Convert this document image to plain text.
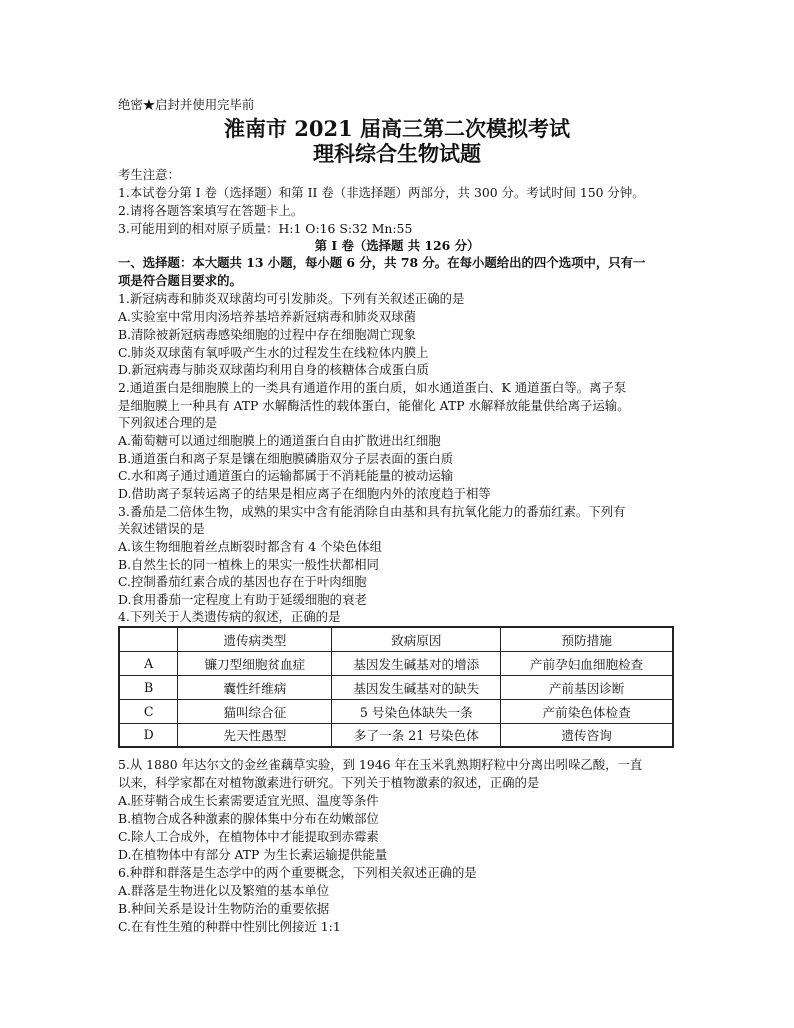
绝密★启封并使用完毕前
淮南市 2021 届高三第二次模拟考试
理科综合生物试题
考生注意：
1.本试卷分第 I 卷（选择题）和第 II 卷（非选择题）两部分，共 300 分。考试时间 150 分钟。
2.请将各题答案填写在答题卡上。
3.可能用到的相对原子质量：H:1 O:16 S:32 Mn:55
第 I 卷（选择题 共 126 分）
一、选择题：本大题共 13 小题，每小题 6 分，共 78 分。在每小题给出的四个选项中，只有一
项是符合题目要求的。
1.新冠病毒和肺炎双球菌均可引发肺炎。下列有关叙述正确的是
A.实验室中常用肉汤培养基培养新冠病毒和肺炎双球菌
B.清除被新冠病毒感染细胞的过程中存在细胞凋亡现象
C.肺炎双球菌有氧呼吸产生水的过程发生在线粒体内膜上
D.新冠病毒与肺炎双球菌均利用自身的核糖体合成蛋白质
2.通道蛋白是细胞膜上的一类具有通道作用的蛋白质，如水通道蛋白、K 通道蛋白等。离子泵
是细胞膜上一种具有 ATP 水解酶活性的载体蛋白，能催化 ATP 水解释放能量供给离子运输。
下列叙述合理的是
A.葡萄糖可以通过细胞膜上的通道蛋白自由扩散进出红细胞
B.通道蛋白和离子泵是镶在细胞膜磷脂双分子层表面的蛋白质
C.水和离子通过通道蛋白的运输都属于不消耗能量的被动运输
D.借助离子泵转运离子的结果是相应离子在细胞内外的浓度趋于相等
3.番茄是二倍体生物，成熟的果实中含有能消除自由基和具有抗氧化能力的番茄红素。下列有
关叙述错误的是
A.该生物细胞着丝点断裂时都含有 4 个染色体组
B.自然生长的同一植株上的果实一般性状都相同
C.控制番茄红素合成的基因也存在于叶肉细胞
D.食用番茄一定程度上有助于延缓细胞的衰老
4.下列关于人类遗传病的叙述，正确的是
	遗传病类型	致病原因	预防措施
A	镰刀型细胞贫血症	基因发生碱基对的增添	产前孕妇血细胞检查
B	囊性纤维病	基因发生碱基对的缺失	产前基因诊断
C	猫叫综合征	5 号染色体缺失一条	产前染色体检查
D	先天性愚型	多了一条 21 号染色体	遗传咨询
5.从 1880 年达尔文的金丝雀藕草实验，到 1946 年在玉米乳熟期籽粒中分离出吲哚乙酸，一直
以来，科学家都在对植物激素进行研究。下列关于植物激素的叙述，正确的是
A.胚芽鞘合成生长素需要适宜光照、温度等条件
B.植物合成各种激素的腺体集中分布在幼嫩部位
C.除人工合成外，在植物体中才能提取到赤霉素
D.在植物体中有部分 ATP 为生长素运输提供能量
6.种群和群落是生态学中的两个重要概念，下列相关叙述正确的是
A.群落是生物进化以及繁殖的基本单位
B.种间关系是设计生物防治的重要依据
C.在有性生殖的种群中性别比例接近 1:1
